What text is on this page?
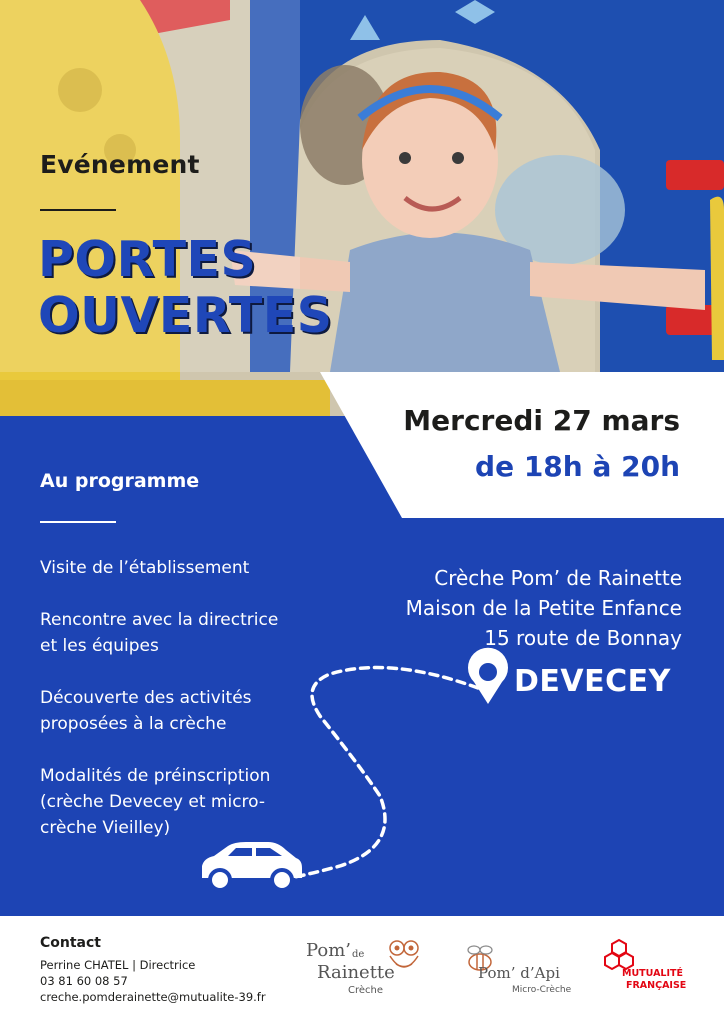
Evénement
PORTES
OUVERTES
Mercredi 27 mars
de 18h à 20h
Au programme
Visite de l’établissement
Rencontre avec la directrice
et les équipes
Découverte des activités
proposées à la crèche
Modalités de préinscription
(crèche Devecey et micro-
crèche Vieilley)
Crèche Pom’ de Rainette
Maison de la Petite Enfance
15 route de Bonnay
DEVECEY
Contact
Perrine CHATEL | Directrice
03 81 60 08 57
creche.pomderainette@mutualite-39.fr
Pom’ de
Rainette
Crèche
Pom’ d’Api
Micro-Crèche
MUTUALITÉ
FRANÇAISE
